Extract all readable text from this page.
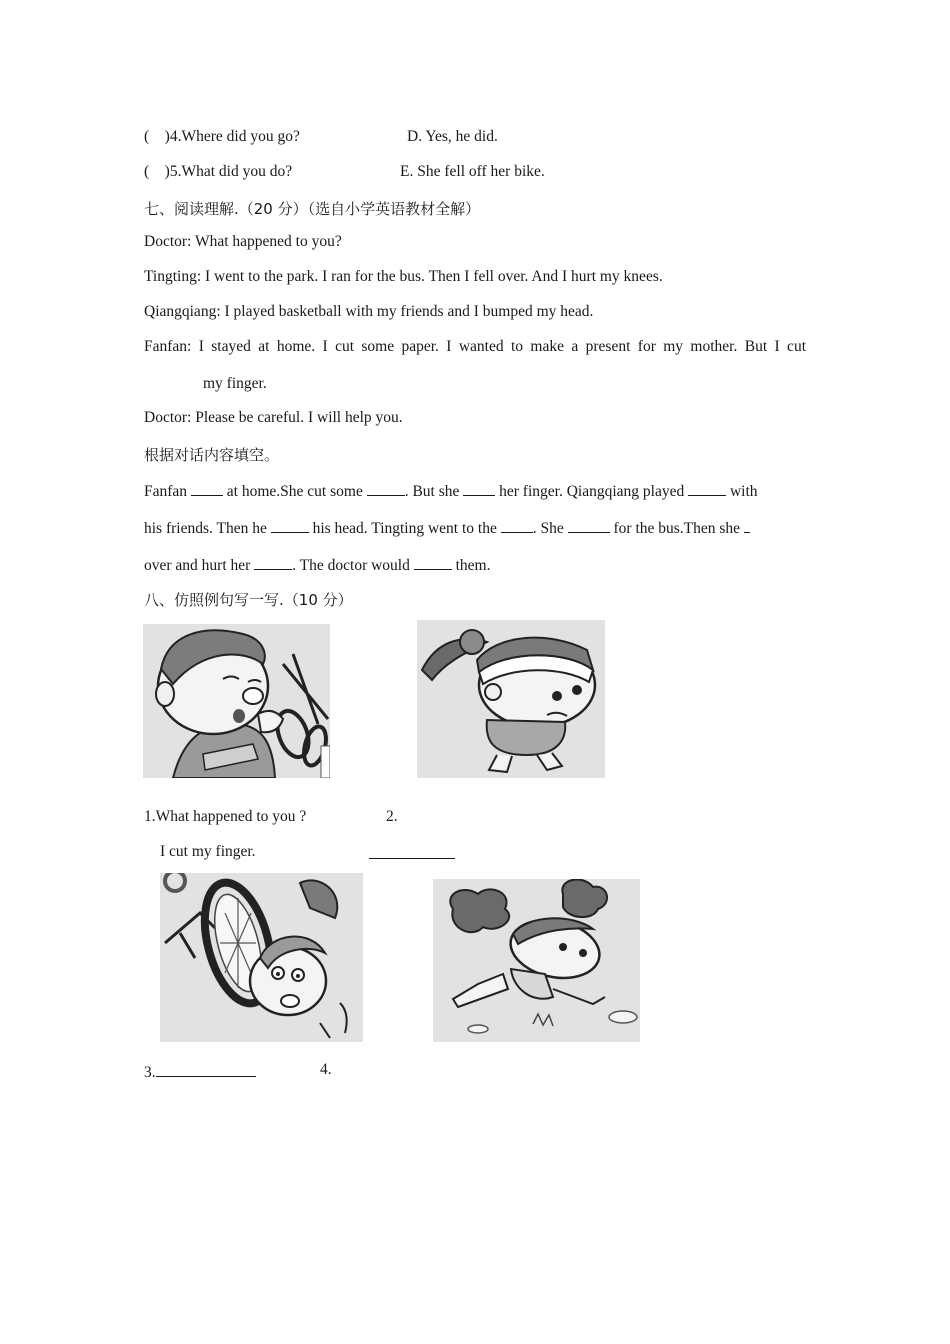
( )4.Where did you go?	D. Yes, he did.
( )5.What did you do?	E. She fell off her bike.
七、阅读理解.（20 分）（选自小学英语教材全解）
Doctor: What happened to you?
Tingting: I went to the park. I ran for the bus. Then I fell over. And I hurt my knees.
Qiangqiang: I played basketball with my friends and I bumped my head.
Fanfan: I stayed at home. I cut some paper. I wanted to make a present for my mother. But I cut
my finger.
Doctor: Please be careful. I will help you.
根据对话内容填空。
Fanfan	at home.She cut some	. But she	her finger. Qiangqiang played	with
his friends. Then he	his head. Tingting went to the . She	for the bus.Then she
over and hurt her	. The doctor would	them.
八、仿照例句写一写.（10 分）
1.What happened to you ?	2.
I cut my finger.
3.	4.
